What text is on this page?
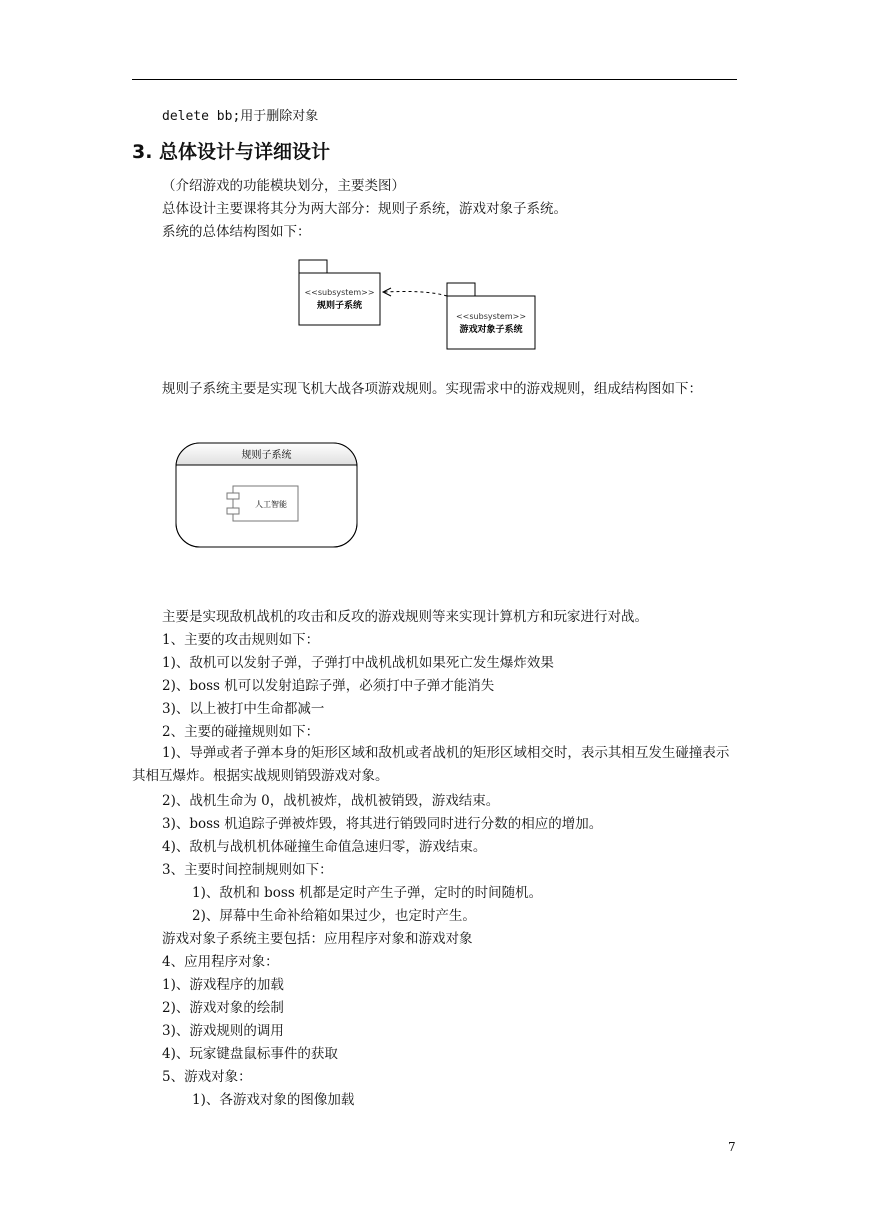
delete bb;用于删除对象
3. 总体设计与详细设计
（介绍游戏的功能模块划分，主要类图）
总体设计主要课将其分为两大部分：规则子系统，游戏对象子系统。
系统的总体结构图如下：
<<subsystem>>
规则子系统
<<subsystem>>
游戏对象子系统
规则子系统主要是实现飞机大战各项游戏规则。实现需求中的游戏规则，组成结构图如下：
规则子系统
人工智能
主要是实现敌机战机的攻击和反攻的游戏规则等来实现计算机方和玩家进行对战。
1、主要的攻击规则如下：
1)、敌机可以发射子弹，子弹打中战机战机如果死亡发生爆炸效果
2)、boss 机可以发射追踪子弹，必须打中子弹才能消失
3)、以上被打中生命都减一
2、主要的碰撞规则如下：
1)、导弹或者子弹本身的矩形区域和敌机或者战机的矩形区域相交时，表示其相互发生碰撞表示其相互爆炸。根据实战规则销毁游戏对象。
2)、战机生命为 0，战机被炸，战机被销毁，游戏结束。
3)、boss 机追踪子弹被炸毁，将其进行销毁同时进行分数的相应的增加。
4)、敌机与战机机体碰撞生命值急速归零，游戏结束。
3、主要时间控制规则如下：
1)、敌机和 boss 机都是定时产生子弹，定时的时间随机。
2)、屏幕中生命补给箱如果过少，也定时产生。
游戏对象子系统主要包括：应用程序对象和游戏对象
4、应用程序对象：
1)、游戏程序的加载
2)、游戏对象的绘制
3)、游戏规则的调用
4)、玩家键盘鼠标事件的获取
5、游戏对象：
1)、各游戏对象的图像加载
7
